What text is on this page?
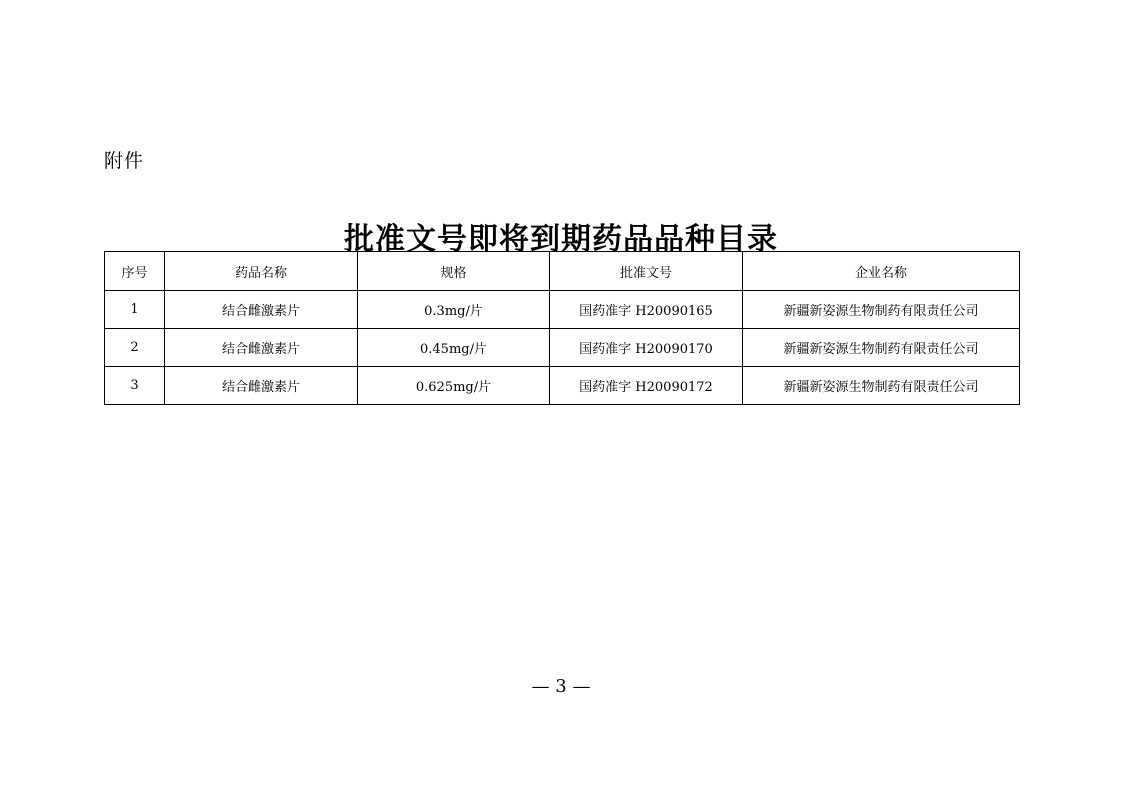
附件
批准文号即将到期药品品种目录
序号	药品名称	规格	批准文号	企业名称
1	结合雌激素片	0.3mg/片	国药准字 H20090165	新疆新姿源生物制药有限责任公司
2	结合雌激素片	0.45mg/片	国药准字 H20090170	新疆新姿源生物制药有限责任公司
3	结合雌激素片	0.625mg/片	国药准字 H20090172	新疆新姿源生物制药有限责任公司
— 3 —
